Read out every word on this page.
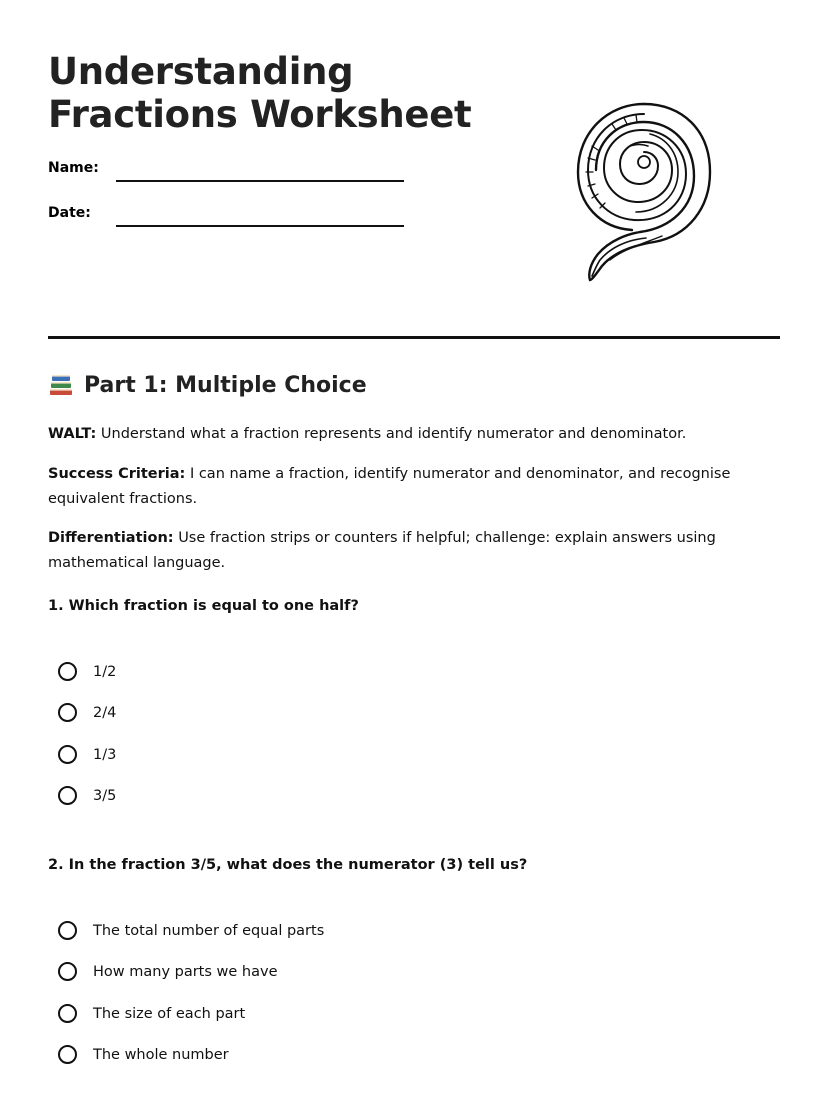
Understanding
Fractions Worksheet
Name:
Date:
Part 1: Multiple Choice
WALT: Understand what a fraction represents and identify numerator and denominator.
Success Criteria: I can name a fraction, identify numerator and denominator, and recognise equivalent fractions.
Differentiation: Use fraction strips or counters if helpful; challenge: explain answers using mathematical language.
1. Which fraction is equal to one half?
1/2
2/4
1/3
3/5
2. In the fraction 3/5, what does the numerator (3) tell us?
The total number of equal parts
How many parts we have
The size of each part
The whole number
